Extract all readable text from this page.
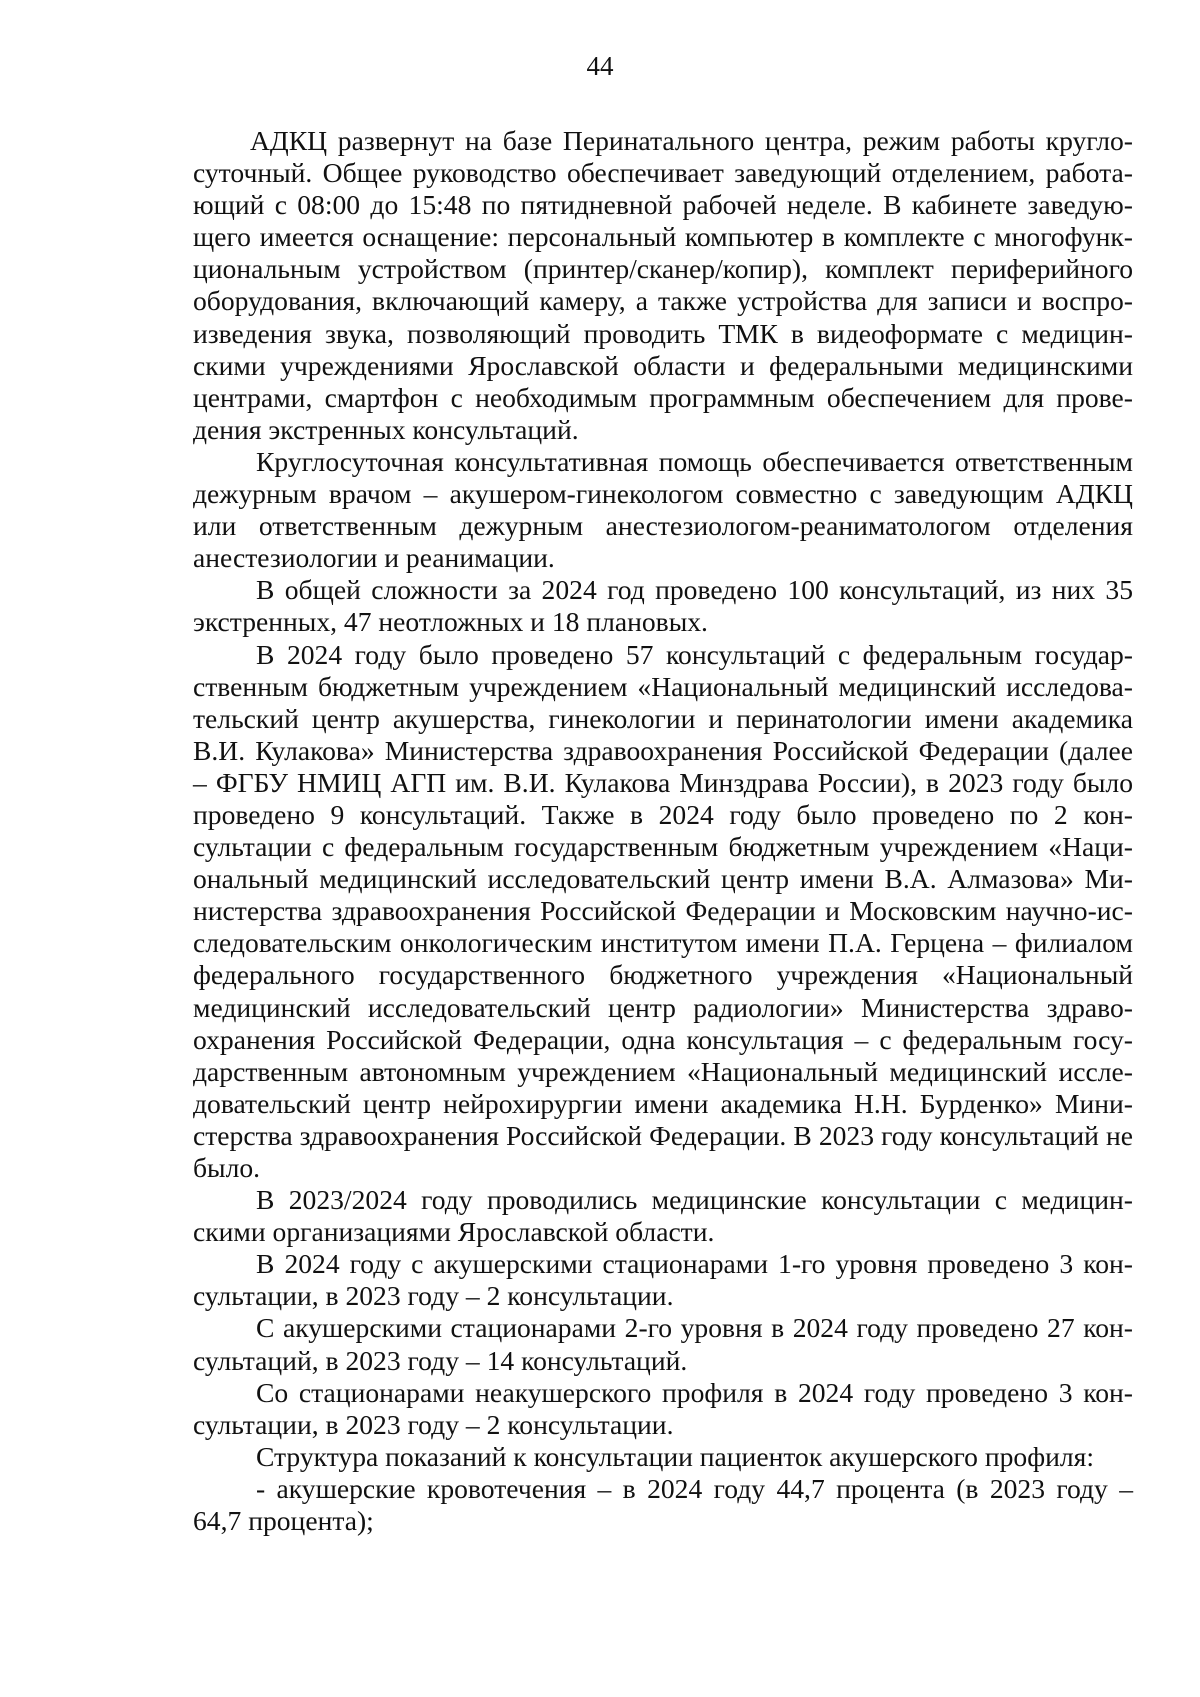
44

АДКЦ развернут на базе Перинатального центра, режим работы круглосуточный. Общее руководство обеспечивает заведующий отделением, работающий с 08:00 до 15:48 по пятидневной рабочей неделе. В кабинете заведующего имеется оснащение: персональный компьютер в комплекте с многофункциональным устройством (принтер/сканер/копир), комплект периферийного оборудования, включающий камеру, а также устройства для записи и воспроизведения звука, позволяющий проводить ТМК в видеоформате с медицинскими учреждениями Ярославской области и федеральными медицинскими центрами, смартфон с необходимым программным обеспечением для проведения экстренных консультаций.

Круглосуточная консультативная помощь обеспечивается ответственным дежурным врачом – акушером-гинекологом совместно с заведующим АДКЦ или ответственным дежурным анестезиологом-реаниматологом отделения анестезиологии и реанимации.

В общей сложности за 2024 год проведено 100 консультаций, из них 35 экстренных, 47 неотложных и 18 плановых.

В 2024 году было проведено 57 консультаций с федеральным государственным бюджетным учреждением «Национальный медицинский исследовательский центр акушерства, гинекологии и перинатологии имени академика В.И. Кулакова» Министерства здравоохранения Российской Федерации (далее – ФГБУ НМИЦ АГП им. В.И. Кулакова Минздрава России), в 2023 году было проведено 9 консультаций. Также в 2024 году было проведено по 2 консультации с федеральным государственным бюджетным учреждением «Национальный медицинский исследовательский центр имени В.А. Алмазова» Министерства здравоохранения Российской Федерации и Московским научно-исследовательским онкологическим институтом имени П.А. Герцена – филиалом федерального государственного бюджетного учреждения «Национальный медицинский исследовательский центр радиологии» Министерства здравоохранения Российской Федерации, одна консультация – с федеральным государственным автономным учреждением «Национальный медицинский исследовательский центр нейрохирургии имени академика Н.Н. Бурденко» Министерства здравоохранения Российской Федерации. В 2023 году консультаций не было.

В 2023/2024 году проводились медицинские консультации с медицинскими организациями Ярославской области.

В 2024 году с акушерскими стационарами 1-го уровня проведено 3 консультации, в 2023 году – 2 консультации.

С акушерскими стационарами 2-го уровня в 2024 году проведено 27 консультаций, в 2023 году – 14 консультаций.

Со стационарами неакушерского профиля в 2024 году проведено 3 консультации, в 2023 году – 2 консультации.

Структура показаний к консультации пациенток акушерского профиля:

- акушерские кровотечения – в 2024 году 44,7 процента (в 2023 году – 64,7 процента);
